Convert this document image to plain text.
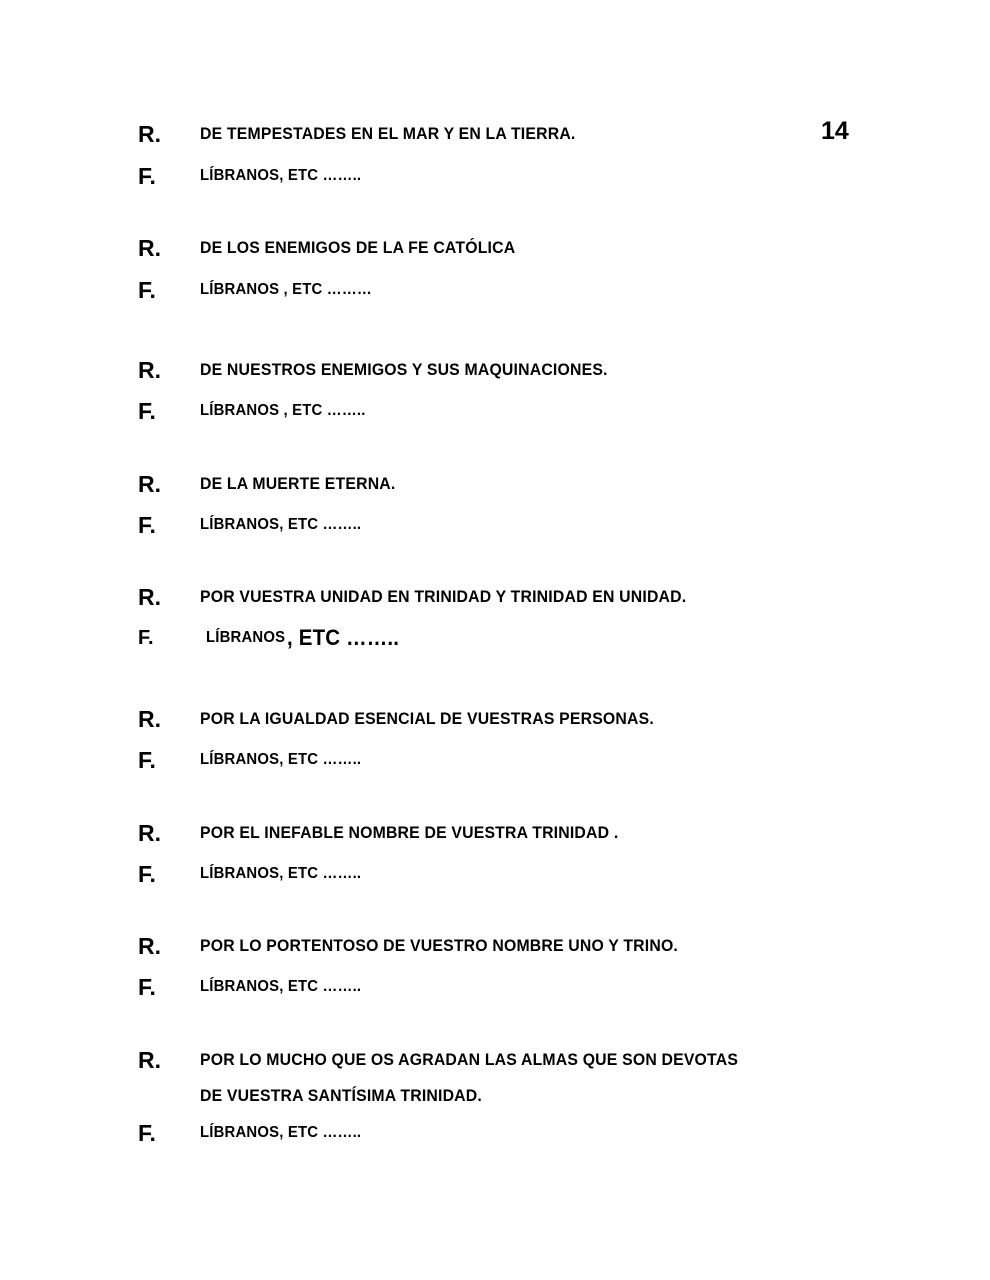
14
R.	DE TEMPESTADES EN EL MAR Y EN LA TIERRA.
F.	LÍBRANOS, ETC ……..
R.	DE LOS ENEMIGOS DE LA FE CATÓLICA
F.	LÍBRANOS , ETC ………
R.	DE NUESTROS ENEMIGOS Y SUS MAQUINACIONES.
F.	LÍBRANOS , ETC ……..
R.	DE LA MUERTE ETERNA.
F.	LÍBRANOS, ETC ……..
R.	POR VUESTRA UNIDAD EN TRINIDAD Y TRINIDAD EN UNIDAD.
F.	LÍBRANOS , ETC ……..
R.	POR LA IGUALDAD ESENCIAL DE VUESTRAS PERSONAS.
F.	LÍBRANOS, ETC ……..
R.	POR EL INEFABLE NOMBRE DE VUESTRA TRINIDAD .
F.	LÍBRANOS, ETC ……..
R.	POR LO PORTENTOSO DE VUESTRO NOMBRE UNO Y TRINO.
F.	LÍBRANOS, ETC ……..
R.	POR LO MUCHO QUE OS AGRADAN LAS ALMAS QUE SON DEVOTAS
DE VUESTRA SANTÍSIMA TRINIDAD.
F.	LÍBRANOS, ETC ……..
